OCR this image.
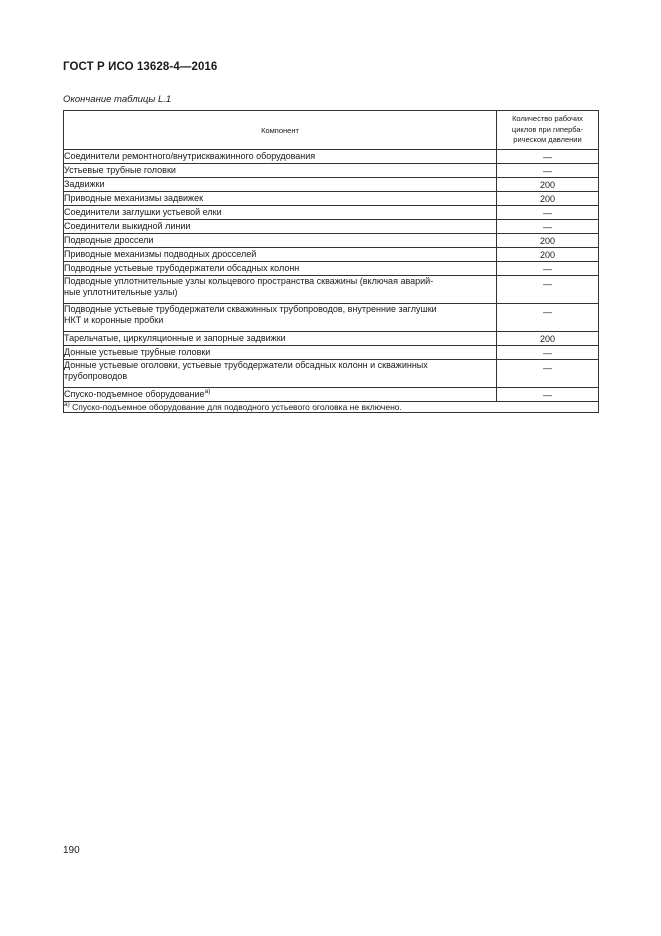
ГОСТ Р ИСО 13628-4—2016
Окончание таблицы L.1
Компонент	Количество рабочих
циклов при гиперба-
рическом давлении

Соединители ремонтного/внутрискважинного оборудования	—
Устьевые трубные головки	—
Задвижки	200
Приводные механизмы задвижек	200
Соединители заглушки устьевой елки	—
Соединители выкидной линии	—
Подводные дроссели	200
Приводные механизмы подводных дросселей	200
Подводные устьевые трубодержатели обсадных колонн	—

Подводные уплотнительные узлы кольцевого пространства скважины (включая аварий-
ные уплотнительные узлы)	—

Подводные устьевые трубодержатели скважинных трубопроводов, внутренние заглушки
НКТ и коронные пробки	—
Тарельчатые, циркуляционные и запорные задвижки	200
Донные устьевые трубные головки	—

Донные устьевые оголовки, устьевые трубодержатели обсадных колонн и скважинных
трубопроводов	—
Спуско-подъемное оборудование$^{а)}$	—
$^{а)}$ Спуско-подъемное оборудование для подводного устьевого оголовка не включено.	
190
